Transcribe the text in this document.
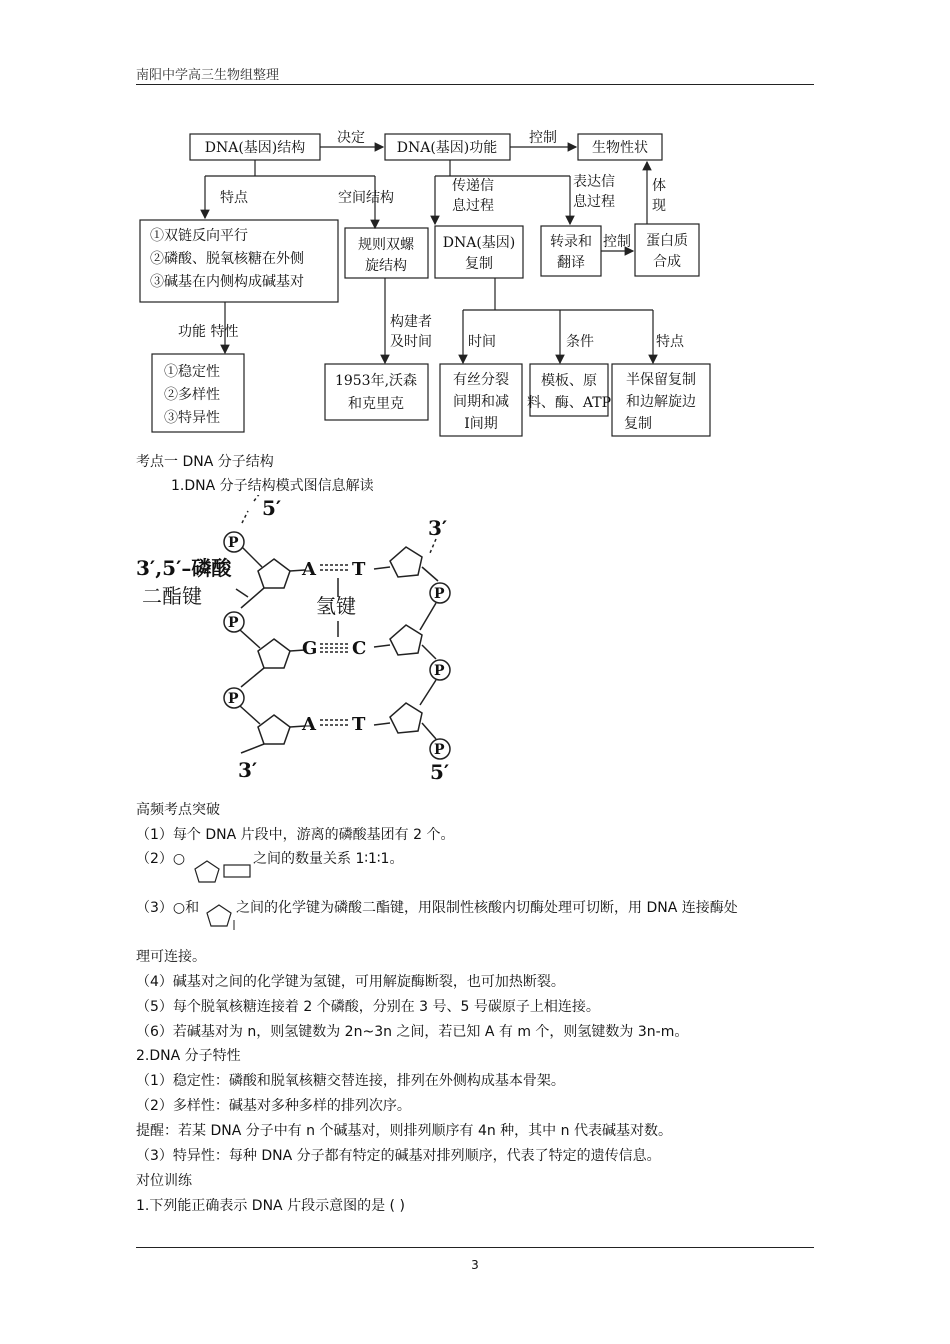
南阳中学高三生物组整理
DNA(基因)结构	DNA(基因)功能	生物性状
决定	控制
特点	空间结构
传递信
息过程
表达信
息过程
体
现
①双链反向平行
②磷酸、脱氧核糖在外侧
③碱基在内侧构成碱基对
规则双螺
旋结构
DNA(基因)
复制
转录和
翻译
控制 蛋白质
合成
功能 特性
①稳定性
②多样性
③特异性
构建者
及时间
1953年,沃森
和克里克
时间	条件	特点
有丝分裂
间期和减
Ⅰ间期
模板、原
料、酶、ATP
半保留复制
和边解旋边
复制
考点一 DNA 分子结构
1.DNA 分子结构模式图信息解读
P
P
P
P
P
P
5′
3′
3′,5′–磷酸
二酯键	氢键
3′	5′
A T
G C
A T
高频考点突破
（1）每个 DNA 片段中，游离的磷酸基团有 2 个。
（2）○	之间的数量关系 1∶1∶1。
（3）○和	之间的化学键为磷酸二酯键，用限制性核酸内切酶处理可切断，用 DNA 连接酶处
理可连接。
（4）碱基对之间的化学键为氢键，可用解旋酶断裂，也可加热断裂。
（5）每个脱氧核糖连接着 2 个磷酸，分别在 3 号、5 号碳原子上相连接。
（6）若碱基对为 n，则氢键数为 2n~3n 之间，若已知 A 有 m 个，则氢键数为 3n-m。
2.DNA 分子特性
（1）稳定性：磷酸和脱氧核糖交替连接，排列在外侧构成基本骨架。
（2）多样性：碱基对多种多样的排列次序。
提醒：若某 DNA 分子中有 n 个碱基对，则排列顺序有 4n 种，其中 n 代表碱基对数。
（3）特异性：每种 DNA 分子都有特定的碱基对排列顺序，代表了特定的遗传信息。
对位训练
1.下列能正确表示 DNA 片段示意图的是 ( )
3
